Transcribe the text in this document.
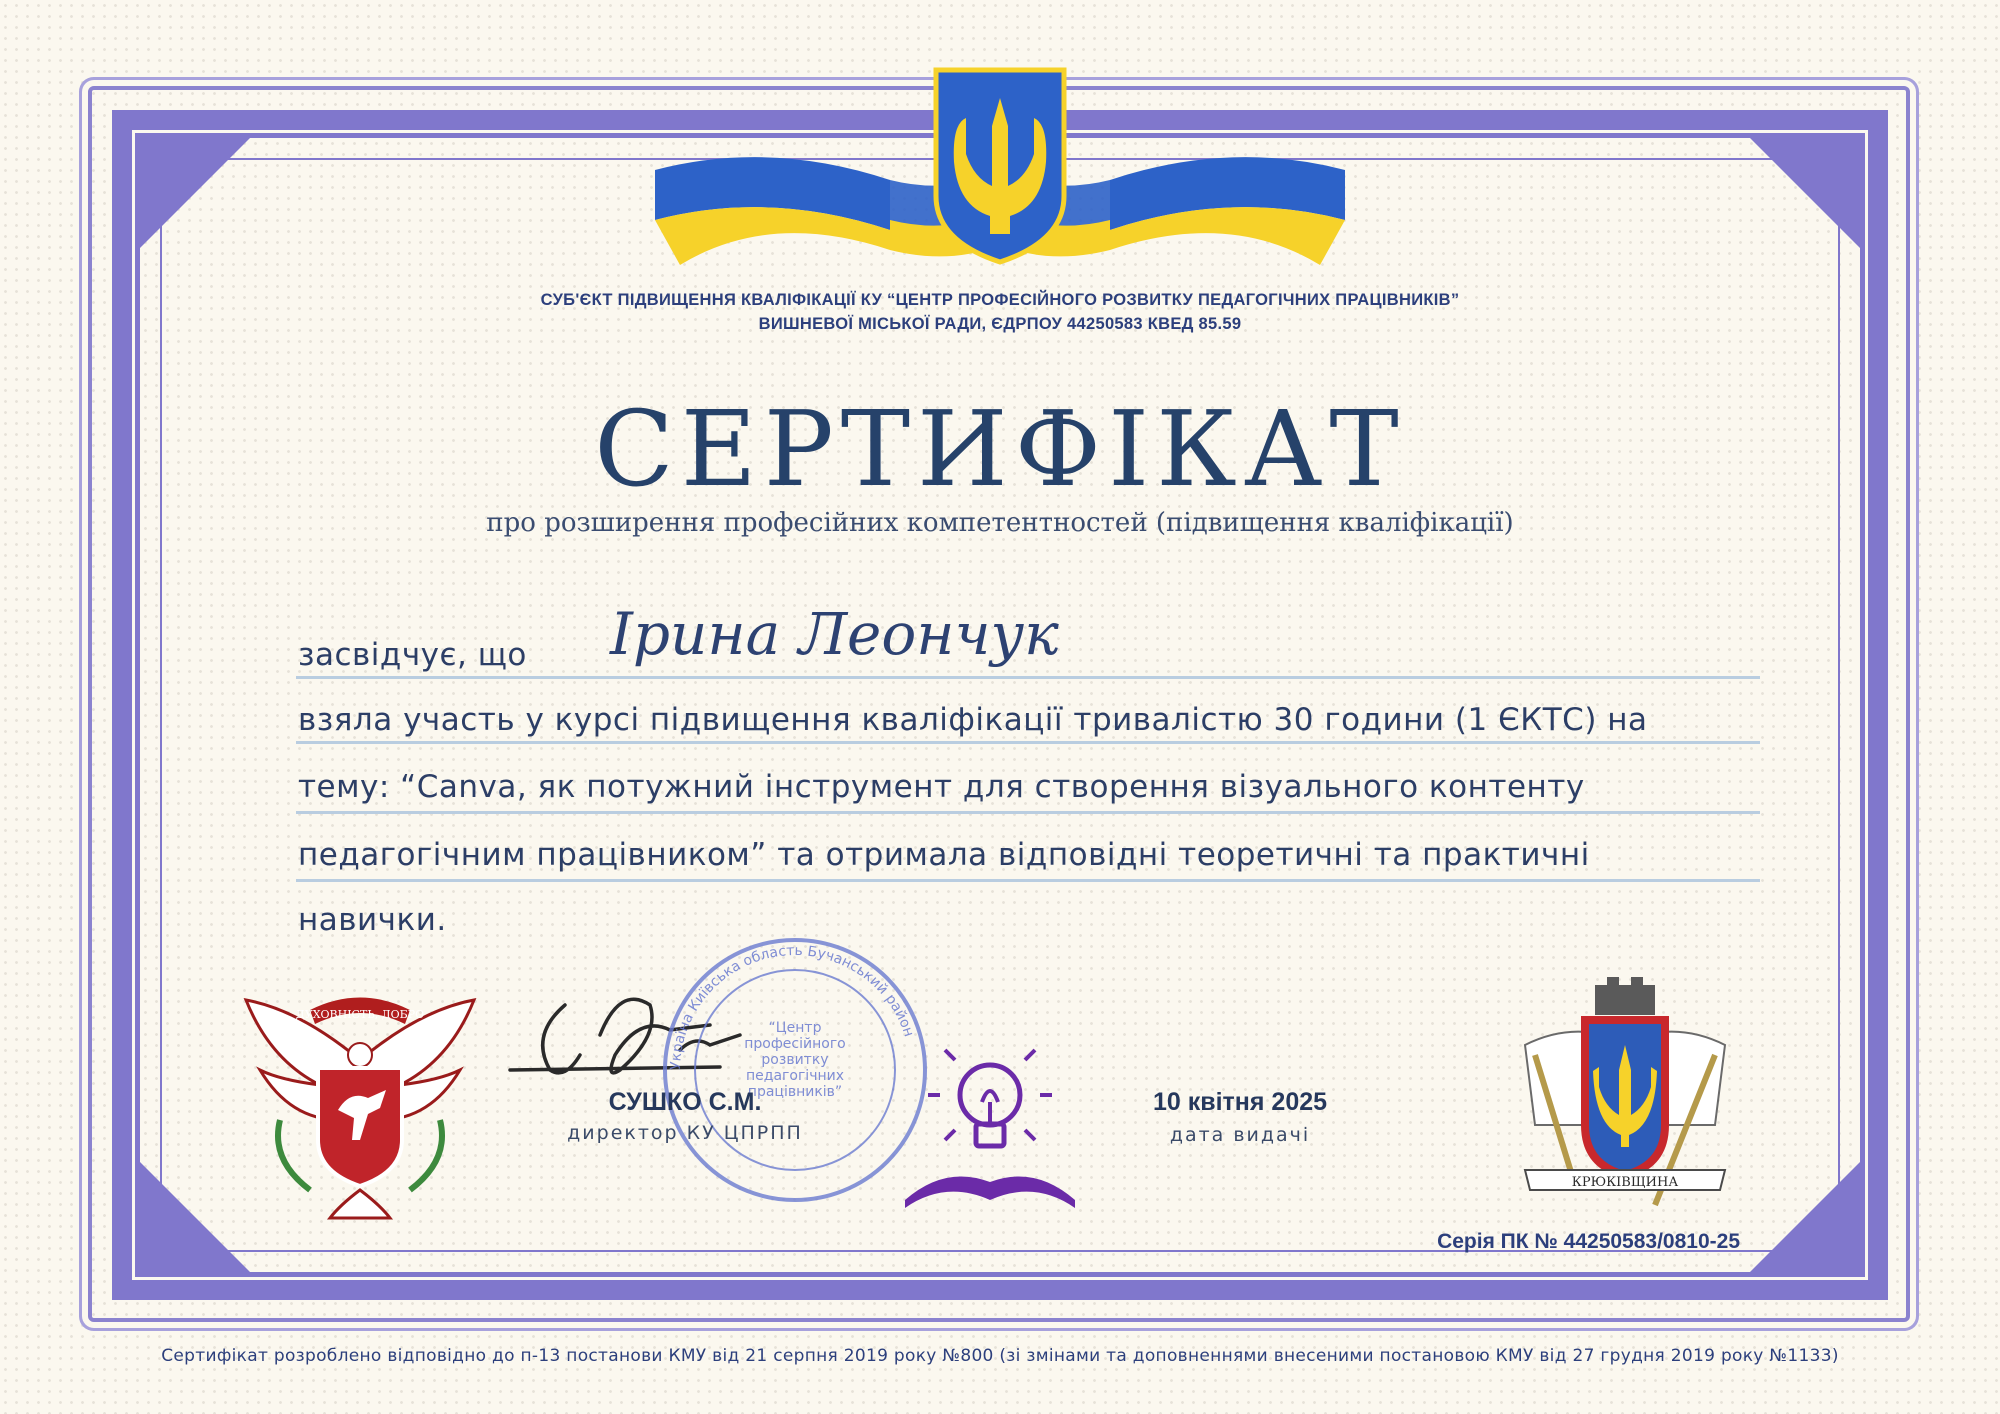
СУБ'ЄКТ ПІДВИЩЕННЯ КВАЛІФІКАЦІЇ КУ “ЦЕНТР ПРОФЕСІЙНОГО РОЗВИТКУ ПЕДАГОГІЧНИХ ПРАЦІВНИКІВ”
ВИШНЕВОЇ МІСЬКОЇ РАДИ, ЄДРПОУ 44250583 КВЕД 85.59
СЕРТИФІКАТ
про розширення професійних компетентностей (підвищення кваліфікації)
засвідчує, що Ірина Леончук
взяла участь у курсі підвищення кваліфікації тривалістю 30 години (1 ЄКТС) на
тему: “Canva, як потужний інструмент для створення візуального контенту
педагогічним працівником” та отримала відповідні теоретичні та практичні
навички.
ДУХОВНІСТЬ, ДОБРО
Україна Київська область Бучанський район
“Центр професійного розвитку педагогічних працівників”
СУШКО С.М.
директор КУ ЦПРПП
10 квітня 2025
дата видачі
КРЮКІВЩИНА
Серія ПК № 44250583/0810-25
Сертифікат розроблено відповідно до п-13 постанови КМУ від 21 серпня 2019 року №800 (зі змінами та доповненнями внесеними постановою КМУ від 27 грудня 2019 року №1133)
